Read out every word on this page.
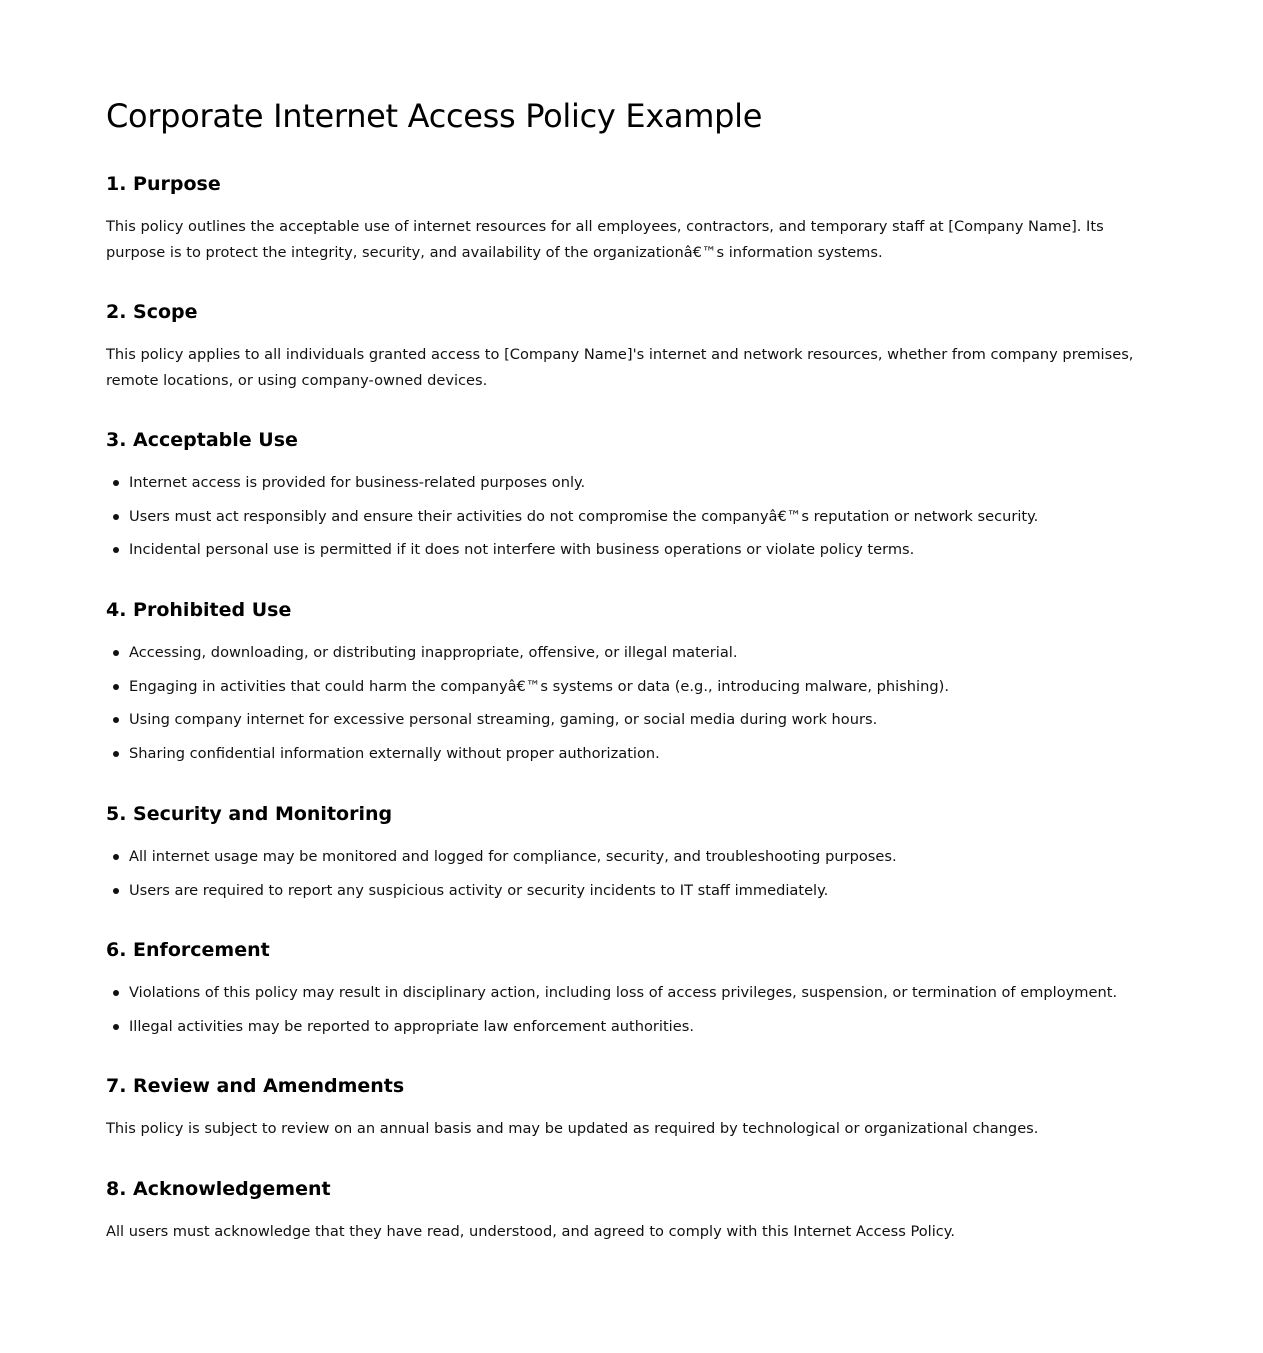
Corporate Internet Access Policy Example
1. Purpose

This policy outlines the acceptable use of internet resources for all employees, contractors, and temporary staff at [Company Name]. Its purpose is to protect the integrity, security, and availability of the organizationâ€™s information systems.

2. Scope

This policy applies to all individuals granted access to [Company Name]'s internet and network resources, whether from company premises, remote locations, or using company-owned devices.

3. Acceptable Use
Internet access is provided for business-related purposes only.
Users must act responsibly and ensure their activities do not compromise the companyâ€™s reputation or network security.
Incidental personal use is permitted if it does not interfere with business operations or violate policy terms.
4. Prohibited Use
Accessing, downloading, or distributing inappropriate, offensive, or illegal material.
Engaging in activities that could harm the companyâ€™s systems or data (e.g., introducing malware, phishing).
Using company internet for excessive personal streaming, gaming, or social media during work hours.
Sharing confidential information externally without proper authorization.
5. Security and Monitoring
All internet usage may be monitored and logged for compliance, security, and troubleshooting purposes.
Users are required to report any suspicious activity or security incidents to IT staff immediately.
6. Enforcement
Violations of this policy may result in disciplinary action, including loss of access privileges, suspension, or termination of employment.
Illegal activities may be reported to appropriate law enforcement authorities.
7. Review and Amendments

This policy is subject to review on an annual basis and may be updated as required by technological or organizational changes.

8. Acknowledgement

All users must acknowledge that they have read, understood, and agreed to comply with this Internet Access Policy.
